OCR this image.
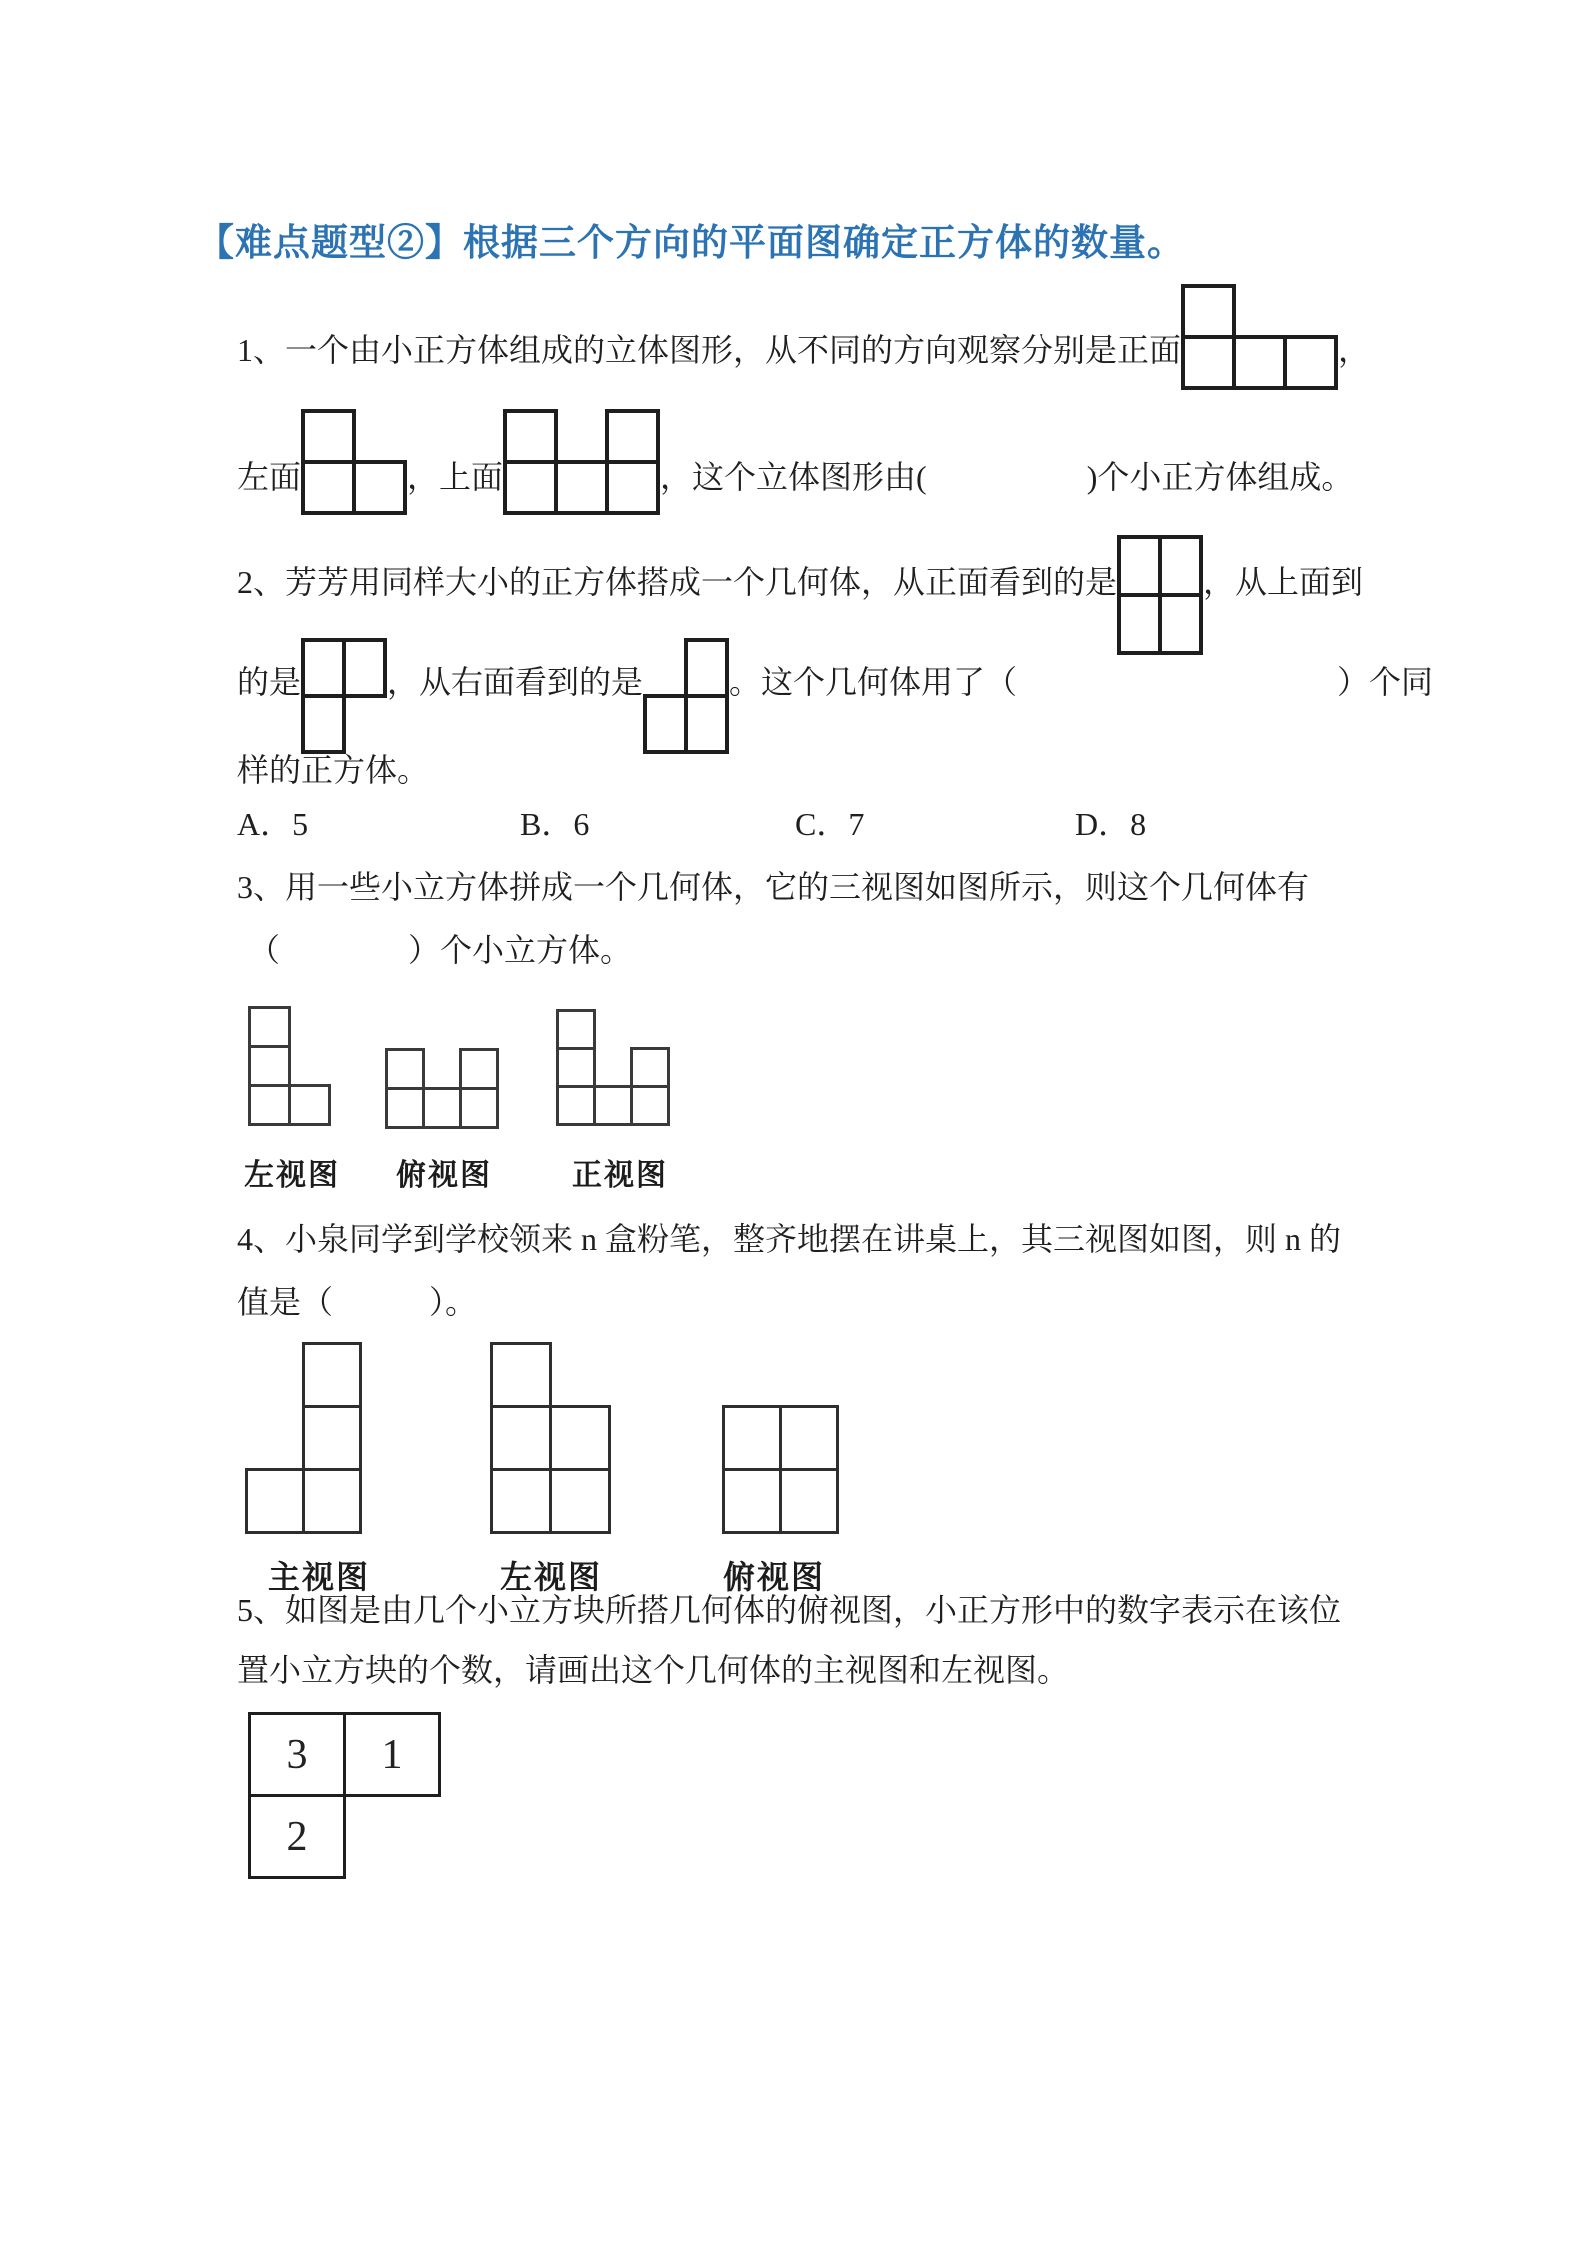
【难点题型②】根据三个方向的平面图确定正方体的数量。
1、一个由小正方体组成的立体图形，从不同的方向观察分别是正面	，
左面	，上面	，这个立体图形由(　　　　　)个小正方体组成。
2、芳芳用同样大小的正方体搭成一个几何体，从正面看到的是	，从上面到
的是	，从右面看到的是	。这个几何体用了（　　　　　　　　　　）个同
样的正方体。
A．5	B．6	C．7	D．8
3、用一些小立方体拼成一个几何体，它的三视图如图所示，则这个几何体有
（　　　　）个小立方体。
左视图 俯视图	正视图
4、小泉同学到学校领来 n 盒粉笔，整齐地摆在讲桌上，其三视图如图，则 n 的
值是（　　　）。
主视图	左视图	俯视图
5、如图是由几个小立方块所搭几何体的俯视图，小正方形中的数字表示在该位
置小立方块的个数，请画出这个几何体的主视图和左视图。
3	1
2
